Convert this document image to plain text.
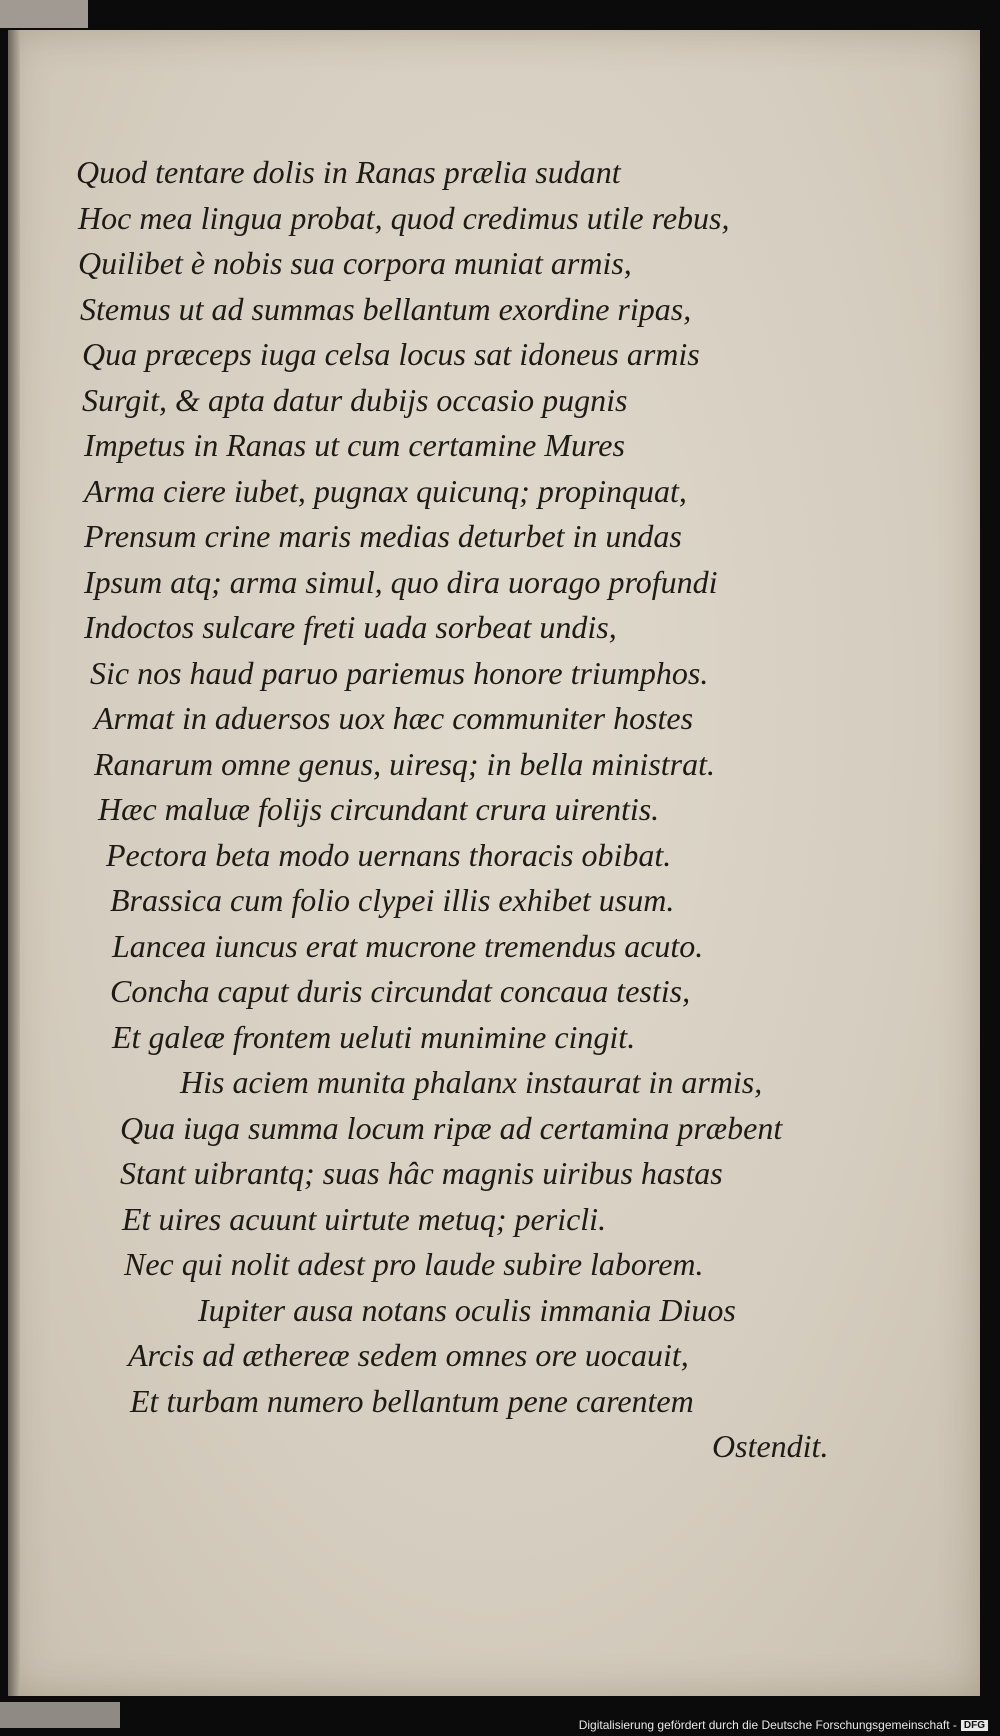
Quod tentare dolis in Ranas prælia sudant
Hoc mea lingua probat, quod credimus utile rebus,
Quilibet è nobis sua corpora muniat armis,
Stemus ut ad summas bellantum exordine ripas,
Qua præceps iuga celsa locus sat idoneus armis
Surgit, & apta datur dubijs occasio pugnis
Impetus in Ranas ut cum certamine Mures
Arma ciere iubet, pugnax quicunq; propinquat,
Prensum crine maris medias deturbet in undas
Ipsum atq; arma simul, quo dira uorago profundi
Indoctos sulcare freti uada sorbeat undis,
Sic nos haud paruo pariemus honore triumphos.
Armat in aduersos uox hæc communiter hostes
Ranarum omne genus, uiresq; in bella ministrat.
Hæc maluæ folijs circundant crura uirentis.
Pectora beta modo uernans thoracis obibat.
Brassica cum folio clypei illis exhibet usum.
Lancea iuncus erat mucrone tremendus acuto.
Concha caput duris circundat concaua testis,
Et galeæ frontem ueluti munimine cingit.
His aciem munita phalanx instaurat in armis,
Qua iuga summa locum ripæ ad certamina præbent
Stant uibrantq; suas hâc magnis uiribus hastas
Et uires acuunt uirtute metuq; pericli.
Nec qui nolit adest pro laude subire laborem.
Iupiter ausa notans oculis immania Diuos
Arcis ad æthereæ sedem omnes ore uocauit,
Et turbam numero bellantum pene carentem
Ostendit.
Digitalisierung gefördert durch die Deutsche Forschungsgemeinschaft - DFG
